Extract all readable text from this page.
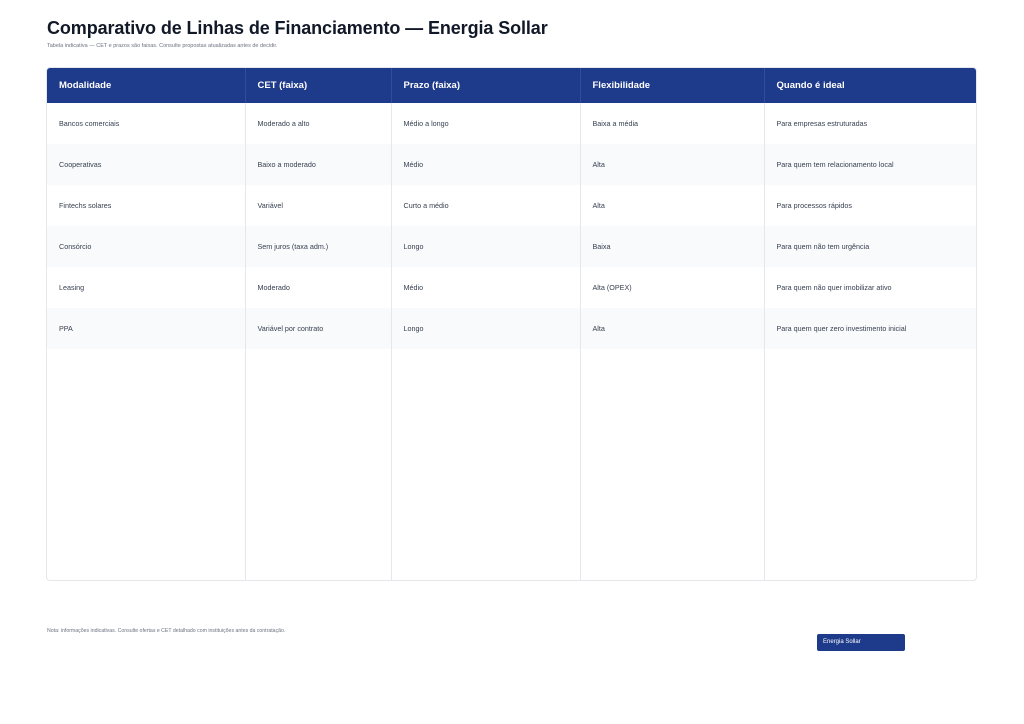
Comparativo de Linhas de Financiamento — Energia Sollar
Tabela indicativa — CET e prazos são faixas. Consulte propostas atualizadas antes de decidir.
Modalidade	CET (faixa)	Prazo (faixa)	Flexibilidade	Quando é ideal
Bancos comerciais	Moderado a alto	Médio a longo	Baixa a média	Para empresas estruturadas
Cooperativas	Baixo a moderado	Médio	Alta	Para quem tem relacionamento local
Fintechs solares	Variável	Curto a médio	Alta	Para processos rápidos
Consórcio	Sem juros (taxa adm.)	Longo	Baixa	Para quem não tem urgência
Leasing	Moderado	Médio	Alta (OPEX)	Para quem não quer imobilizar ativo
PPA	Variável por contrato	Longo	Alta	Para quem quer zero investimento inicial

Nota: informações indicativas. Consulte ofertas e CET detalhado com instituições antes da contratação.
Energia Sollar
